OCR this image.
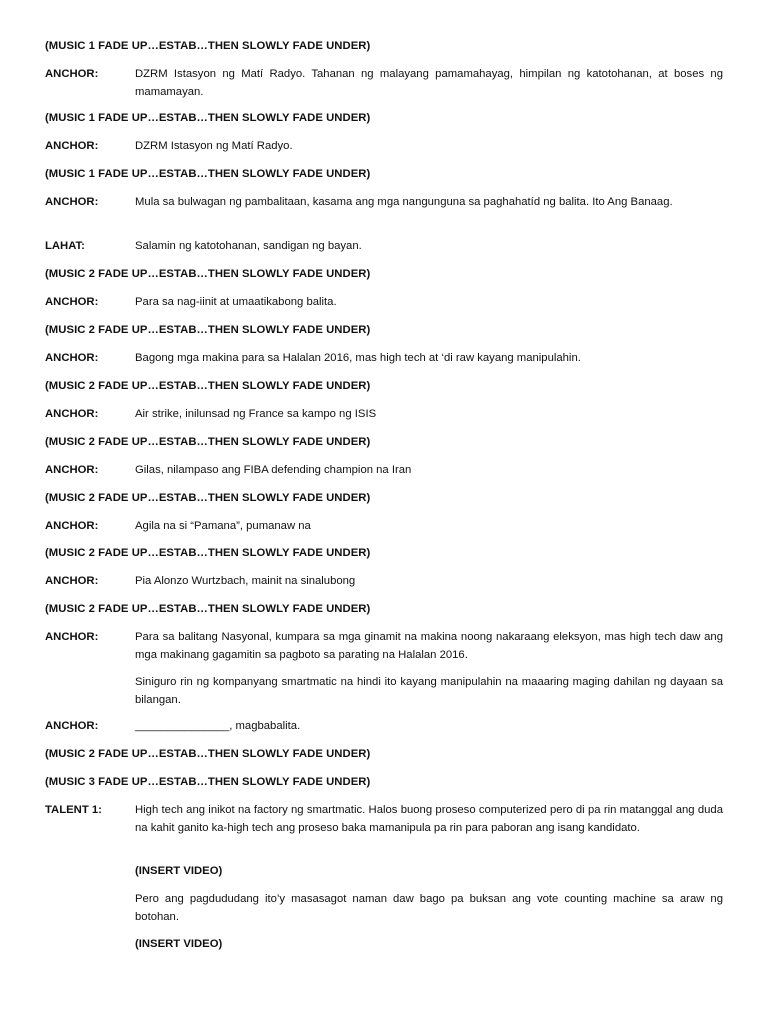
(MUSIC 1 FADE UP…ESTAB…THEN SLOWLY FADE UNDER)
ANCHOR:	DZRM Istasyon ng Matí Radyo. Tahanan ng malayang pamamahayag, himpilan ng katotohanan, at boses ng mamamayan.
(MUSIC 1 FADE UP…ESTAB…THEN SLOWLY FADE UNDER)
ANCHOR:	DZRM Istasyon ng Matí Radyo.
(MUSIC 1 FADE UP…ESTAB…THEN SLOWLY FADE UNDER)
ANCHOR:	Mula sa bulwagan ng pambalitaan, kasama ang mga nangunguna sa paghahatíd ng balita. Ito Ang Banaag.
LAHAT:	Salamin ng katotohanan, sandigan ng bayan.
(MUSIC 2 FADE UP…ESTAB…THEN SLOWLY FADE UNDER)
ANCHOR:	Para sa nag-iinit at umaatikabong balita.
(MUSIC 2 FADE UP…ESTAB…THEN SLOWLY FADE UNDER)
ANCHOR:	Bagong mga makina para sa Halalan 2016, mas high tech at ‘di raw kayang manipulahin.
(MUSIC 2 FADE UP…ESTAB…THEN SLOWLY FADE UNDER)
ANCHOR:	Air strike, inilunsad ng France sa kampo ng ISIS
(MUSIC 2 FADE UP…ESTAB…THEN SLOWLY FADE UNDER)
ANCHOR:	Gilas, nilampaso ang FIBA defending champion na Iran
(MUSIC 2 FADE UP…ESTAB…THEN SLOWLY FADE UNDER)
ANCHOR:	Agila na si “Pamana”, pumanaw na
(MUSIC 2 FADE UP…ESTAB…THEN SLOWLY FADE UNDER)
ANCHOR:	Pia Alonzo Wurtzbach, mainit na sinalubong
(MUSIC 2 FADE UP…ESTAB…THEN SLOWLY FADE UNDER)
ANCHOR:	Para sa balitang Nasyonal, kumpara sa mga ginamit na makina noong nakaraang eleksyon, mas high tech daw ang mga makinang gagamitin sa pagboto sa parating na Halalan 2016.
Siniguro rin ng kompanyang smartmatic na hindi ito kayang manipulahin na maaaring maging dahilan ng dayaan sa bilangan.
ANCHOR:	_______________, magbabalita.
(MUSIC 2 FADE UP…ESTAB…THEN SLOWLY FADE UNDER)
(MUSIC 3 FADE UP…ESTAB…THEN SLOWLY FADE UNDER)
TALENT 1:	High tech ang inikot na factory ng smartmatic. Halos buong proseso computerized pero di pa rin matanggal ang duda na kahit ganito ka-high tech ang proseso baka mamanipula pa rin para paboran ang isang kandidato.
(INSERT VIDEO)
Pero ang pagdududang ito’y masasagot naman daw bago pa buksan ang vote counting machine sa araw ng botohan.
(INSERT VIDEO)
